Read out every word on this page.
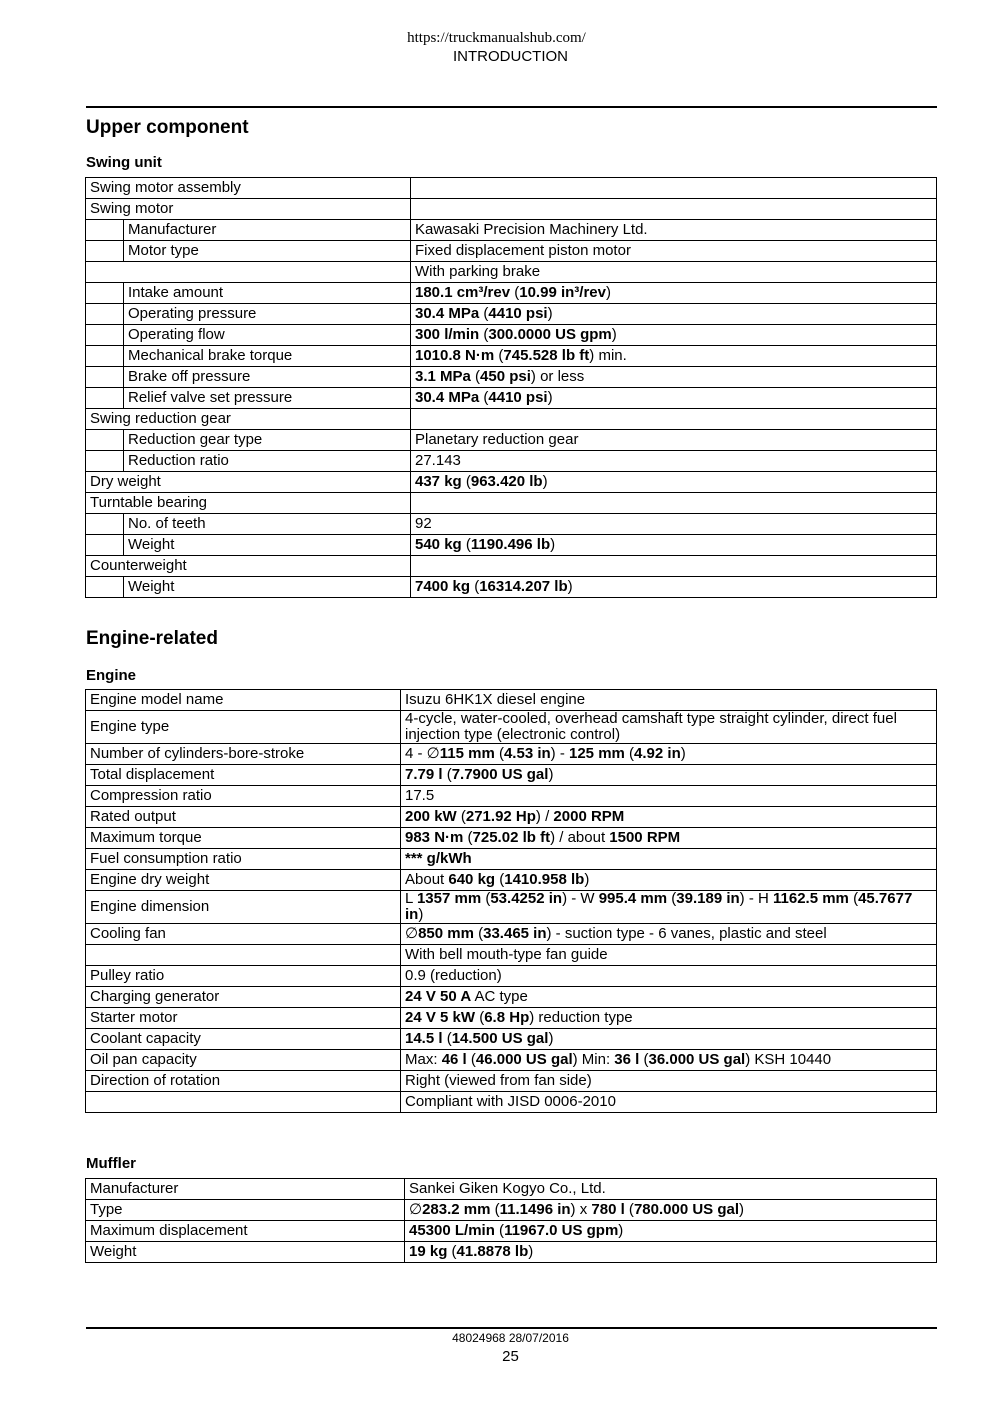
https://truckmanualshub.com/
INTRODUCTION
Upper component
Swing unit
Swing motor assembly		
Swing motor		
	Manufacturer	Kawasaki Precision Machinery Ltd.
	Motor type	Fixed displacement piston motor
		With parking brake
	Intake amount	180.1 cm³/rev (10.99 in³/rev)
	Operating pressure	30.4 MPa (4410 psi)
	Operating flow	300 l/min (300.0000 US gpm)
	Mechanical brake torque	1010.8 N·m (745.528 lb ft) min.
	Brake off pressure	3.1 MPa (450 psi) or less
	Relief valve set pressure	30.4 MPa (4410 psi)
Swing reduction gear		
	Reduction gear type	Planetary reduction gear
	Reduction ratio	27.143
Dry weight		437 kg (963.420 lb)
Turntable bearing		
	No. of teeth	92
	Weight	540 kg (1190.496 lb)
Counterweight		
	Weight	7400 kg (16314.207 lb)
Engine-related
Engine
Engine model name	Isuzu 6HK1X diesel engine
Engine type	4-cycle, water-cooled, overhead camshaft type straight cylinder, direct fuel injection type (electronic control)
Number of cylinders-bore-stroke	4 - ∅115 mm (4.53 in) - 125 mm (4.92 in)
Total displacement	7.79 l (7.7900 US gal)
Compression ratio	17.5
Rated output	200 kW (271.92 Hp) / 2000 RPM
Maximum torque	983 N·m (725.02 lb ft) / about 1500 RPM
Fuel consumption ratio	*** g/kWh
Engine dry weight	About 640 kg (1410.958 lb)
Engine dimension	L 1357 mm (53.4252 in) - W 995.4 mm (39.189 in) - H 1162.5 mm (45.7677 in)
Cooling fan	∅850 mm (33.465 in) - suction type - 6 vanes, plastic and steel
	With bell mouth-type fan guide
Pulley ratio	0.9 (reduction)
Charging generator	24 V 50 A AC type
Starter motor	24 V 5 kW (6.8 Hp) reduction type
Coolant capacity	14.5 l (14.500 US gal)
Oil pan capacity	Max: 46 l (46.000 US gal) Min: 36 l (36.000 US gal) KSH 10440
Direction of rotation	Right (viewed from fan side)
	Compliant with JISD 0006-2010
Muffler
Manufacturer	Sankei Giken Kogyo Co., Ltd.
Type	∅283.2 mm (11.1496 in) x 780 l (780.000 US gal)
Maximum displacement	45300 L/min (11967.0 US gpm)
Weight	19 kg (41.8878 lb)
48024968 28/07/2016
25
